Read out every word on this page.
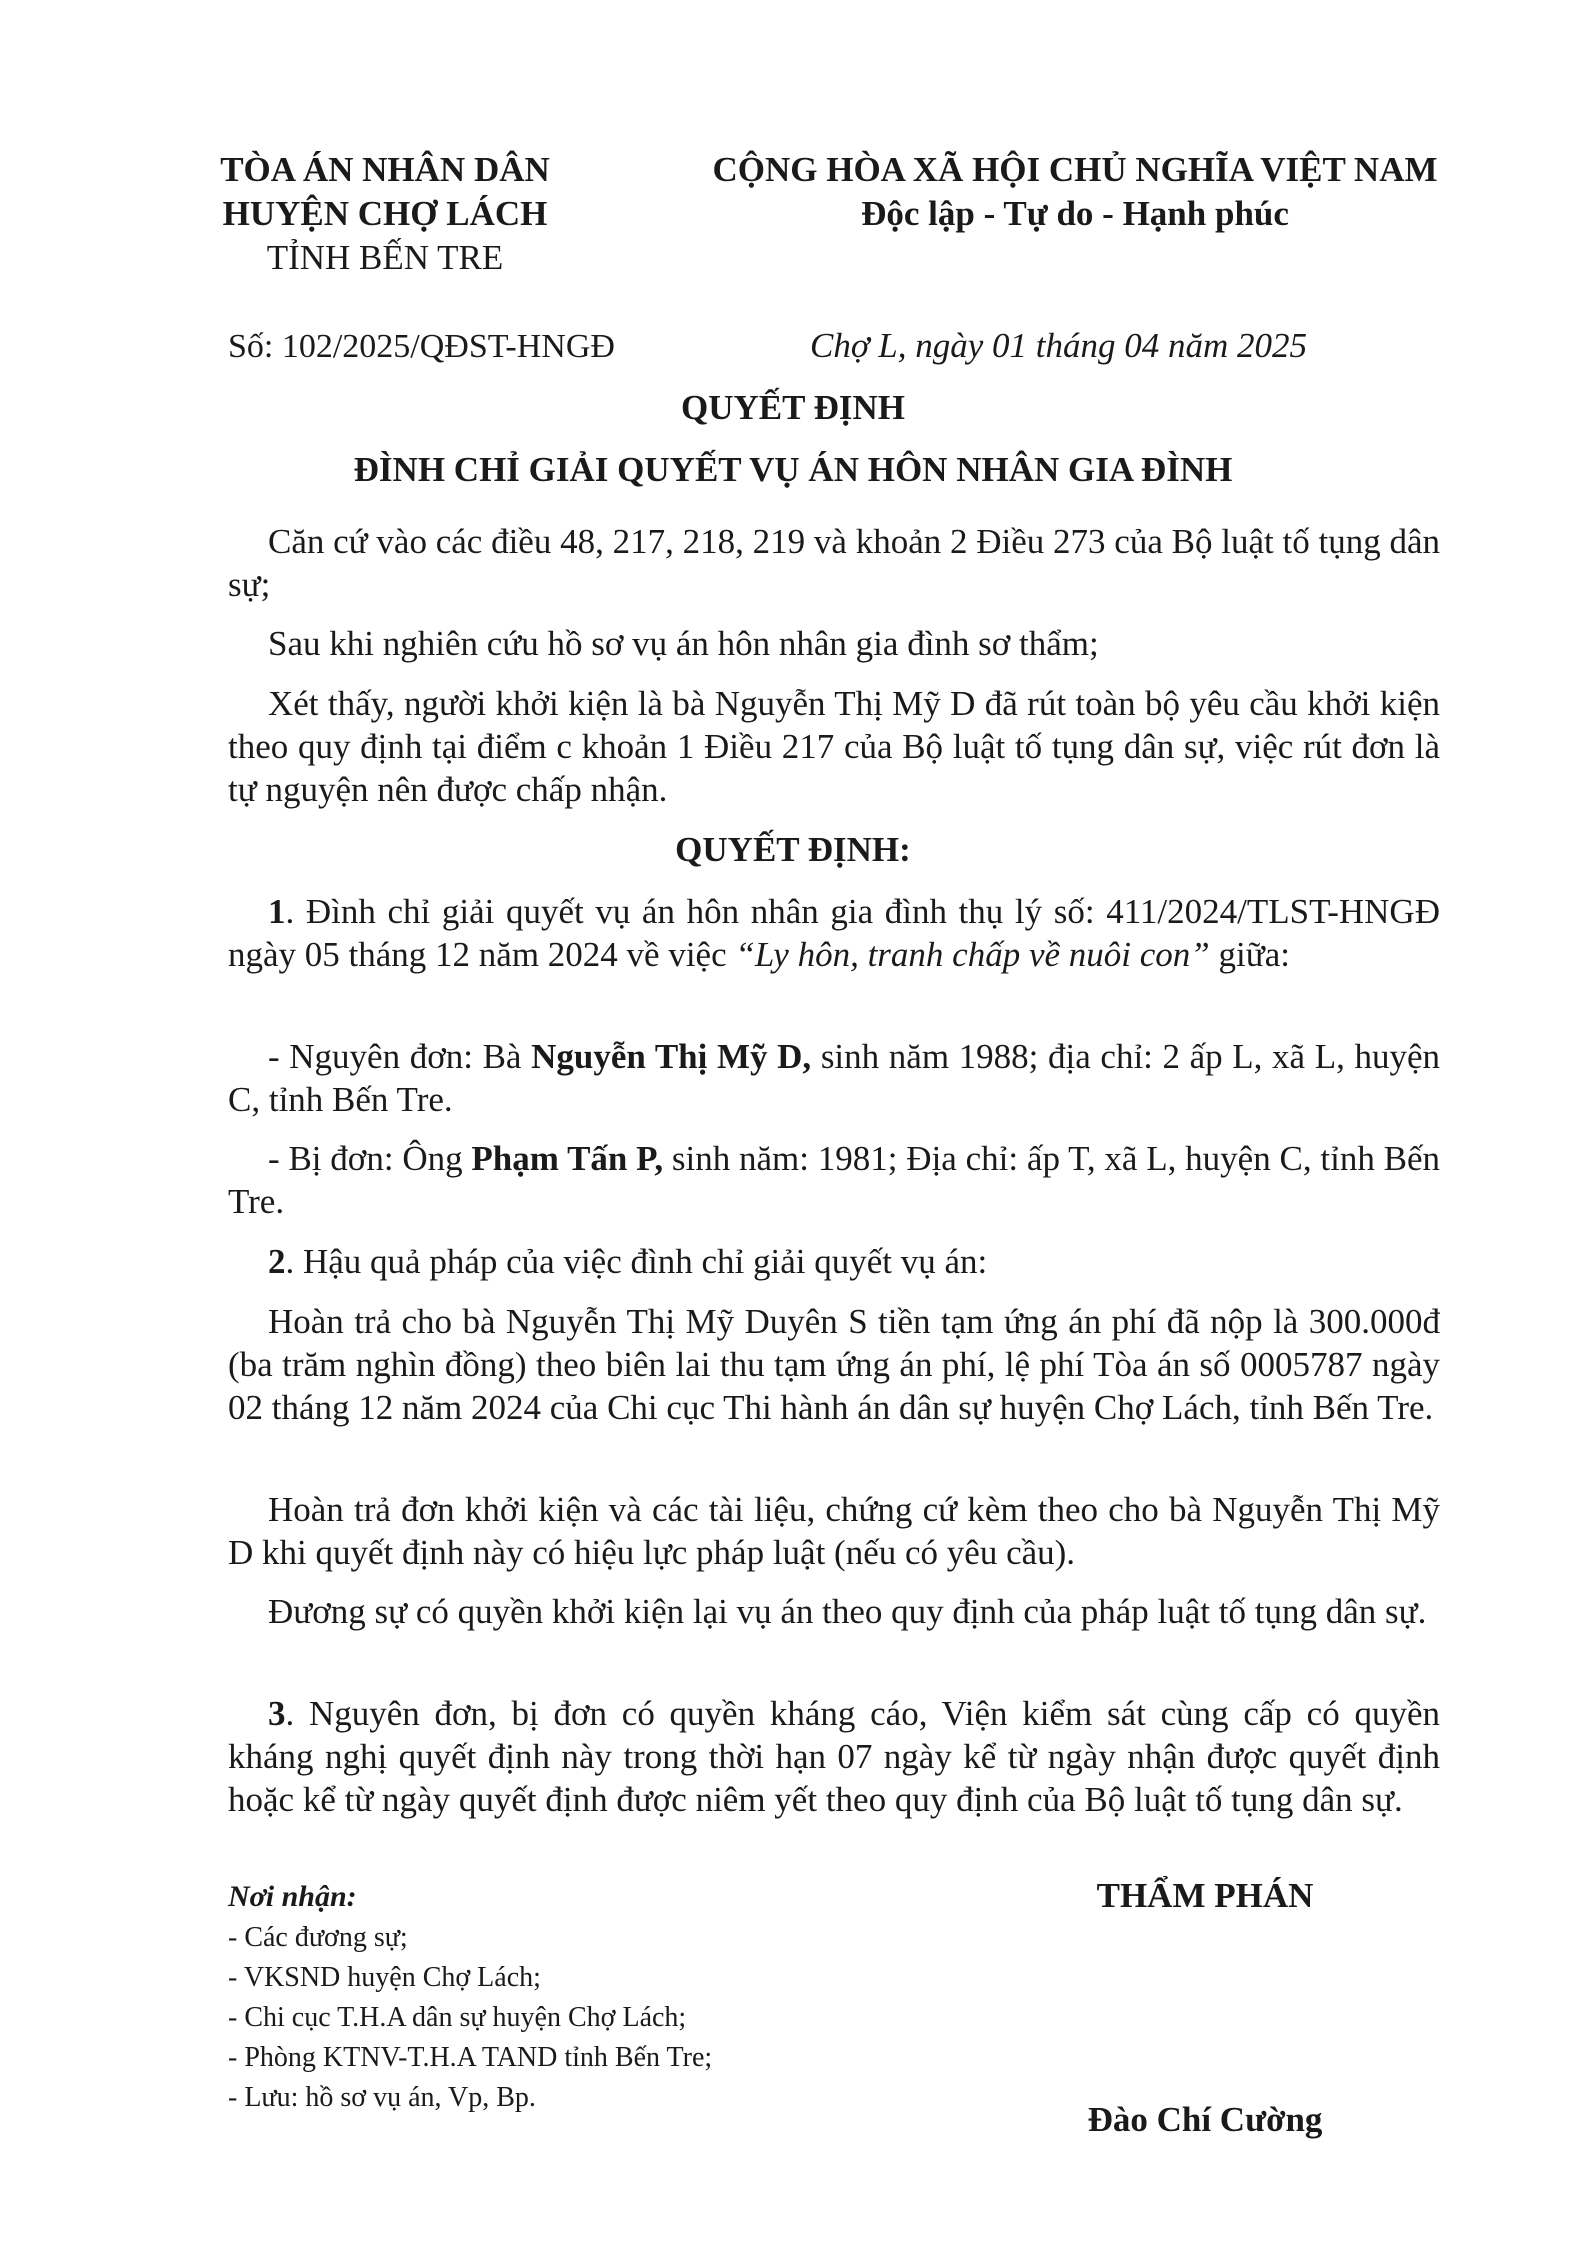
TÒA ÁN NHÂN DÂN
HUYỆN CHỢ LÁCH
TỈNH BẾN TRE
CỘNG HÒA XÃ HỘI CHỦ NGHĨA VIỆT NAM
Độc lập - Tự do - Hạnh phúc
Số: 102/2025/QĐST-HNGĐ	Chợ L, ngày 01 tháng 04 năm 2025
QUYẾT ĐỊNH
ĐÌNH CHỈ GIẢI QUYẾT VỤ ÁN HÔN NHÂN GIA ĐÌNH
Căn cứ vào các điều 48, 217, 218, 219 và khoản 2 Điều 273 của Bộ luật tố tụng dân sự;
Sau khi nghiên cứu hồ sơ vụ án hôn nhân gia đình sơ thẩm;
Xét thấy, người khởi kiện là bà Nguyễn Thị Mỹ D đã rút toàn bộ yêu cầu khởi kiện theo quy định tại điểm c khoản 1 Điều 217 của Bộ luật tố tụng dân sự, việc rút đơn là tự nguyện nên được chấp nhận.
QUYẾT ĐỊNH:
1. Đình chỉ giải quyết vụ án hôn nhân gia đình thụ lý số: 411/2024/TLST-HNGĐ ngày 05 tháng 12 năm 2024 về việc “Ly hôn, tranh chấp về nuôi con” giữa:
- Nguyên đơn: Bà Nguyễn Thị Mỹ D, sinh năm 1988; địa chỉ: 2 ấp L, xã L, huyện C, tỉnh Bến Tre.
- Bị đơn: Ông Phạm Tấn P, sinh năm: 1981; Địa chỉ: ấp T, xã L, huyện C, tỉnh Bến Tre.
2. Hậu quả pháp của việc đình chỉ giải quyết vụ án:
Hoàn trả cho bà Nguyễn Thị Mỹ Duyên S tiền tạm ứng án phí đã nộp là 300.000đ (ba trăm nghìn đồng) theo biên lai thu tạm ứng án phí, lệ phí Tòa án số 0005787 ngày 02 tháng 12 năm 2024 của Chi cục Thi hành án dân sự huyện Chợ Lách, tỉnh Bến Tre.
Hoàn trả đơn khởi kiện và các tài liệu, chứng cứ kèm theo cho bà Nguyễn Thị Mỹ D khi quyết định này có hiệu lực pháp luật (nếu có yêu cầu).
Đương sự có quyền khởi kiện lại vụ án theo quy định của pháp luật tố tụng dân sự.
3. Nguyên đơn, bị đơn có quyền kháng cáo, Viện kiểm sát cùng cấp có quyền kháng nghị quyết định này trong thời hạn 07 ngày kể từ ngày nhận được quyết định hoặc kể từ ngày quyết định được niêm yết theo quy định của Bộ luật tố tụng dân sự.
Nơi nhận:
- Các đương sự;
- VKSND huyện Chợ Lách;
- Chi cục T.H.A dân sự huyện Chợ Lách;
- Phòng KTNV-T.H.A TAND tỉnh Bến Tre;
- Lưu: hồ sơ vụ án, Vp, Bp.
THẨM PHÁN
Đào Chí Cường
